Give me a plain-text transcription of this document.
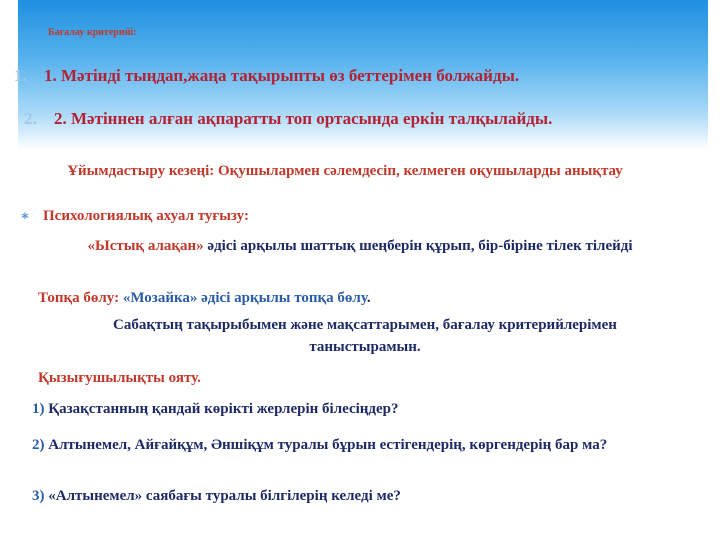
Бағалау критерийі:
1. 1. Мәтінді тыңдап,жаңа тақырыпты өз беттерімен болжайды.
2. 2. Мәтіннен алған ақпаратты топ ортасында еркін талқылайды.
Ұйымдастыру кезеңі: Оқушылармен сәлемдесіп, келмеген оқушыларды анықтау
∗ Психологиялық ахуал туғызу:
«Ыстық алақан» әдісі арқылы шаттық шеңберін құрып, бір-біріне тілек тілейді
Топқа бөлу: «Мозайка» әдісі арқылы топқа бөлу.
Сабақтың тақырыбымен және мақсаттарымен, бағалау критерийлерімен таныстырамын.
Қызығушылықты ояту.
1) Қазақстанның қандай көрікті жерлерін білесіңдер?
2) Алтынемел, Айғайқұм, Әншіқұм туралы бұрын естігендерің, көргендерің бар ма?
3) «Алтынемел» саябағы туралы білгілерің келеді ме?
